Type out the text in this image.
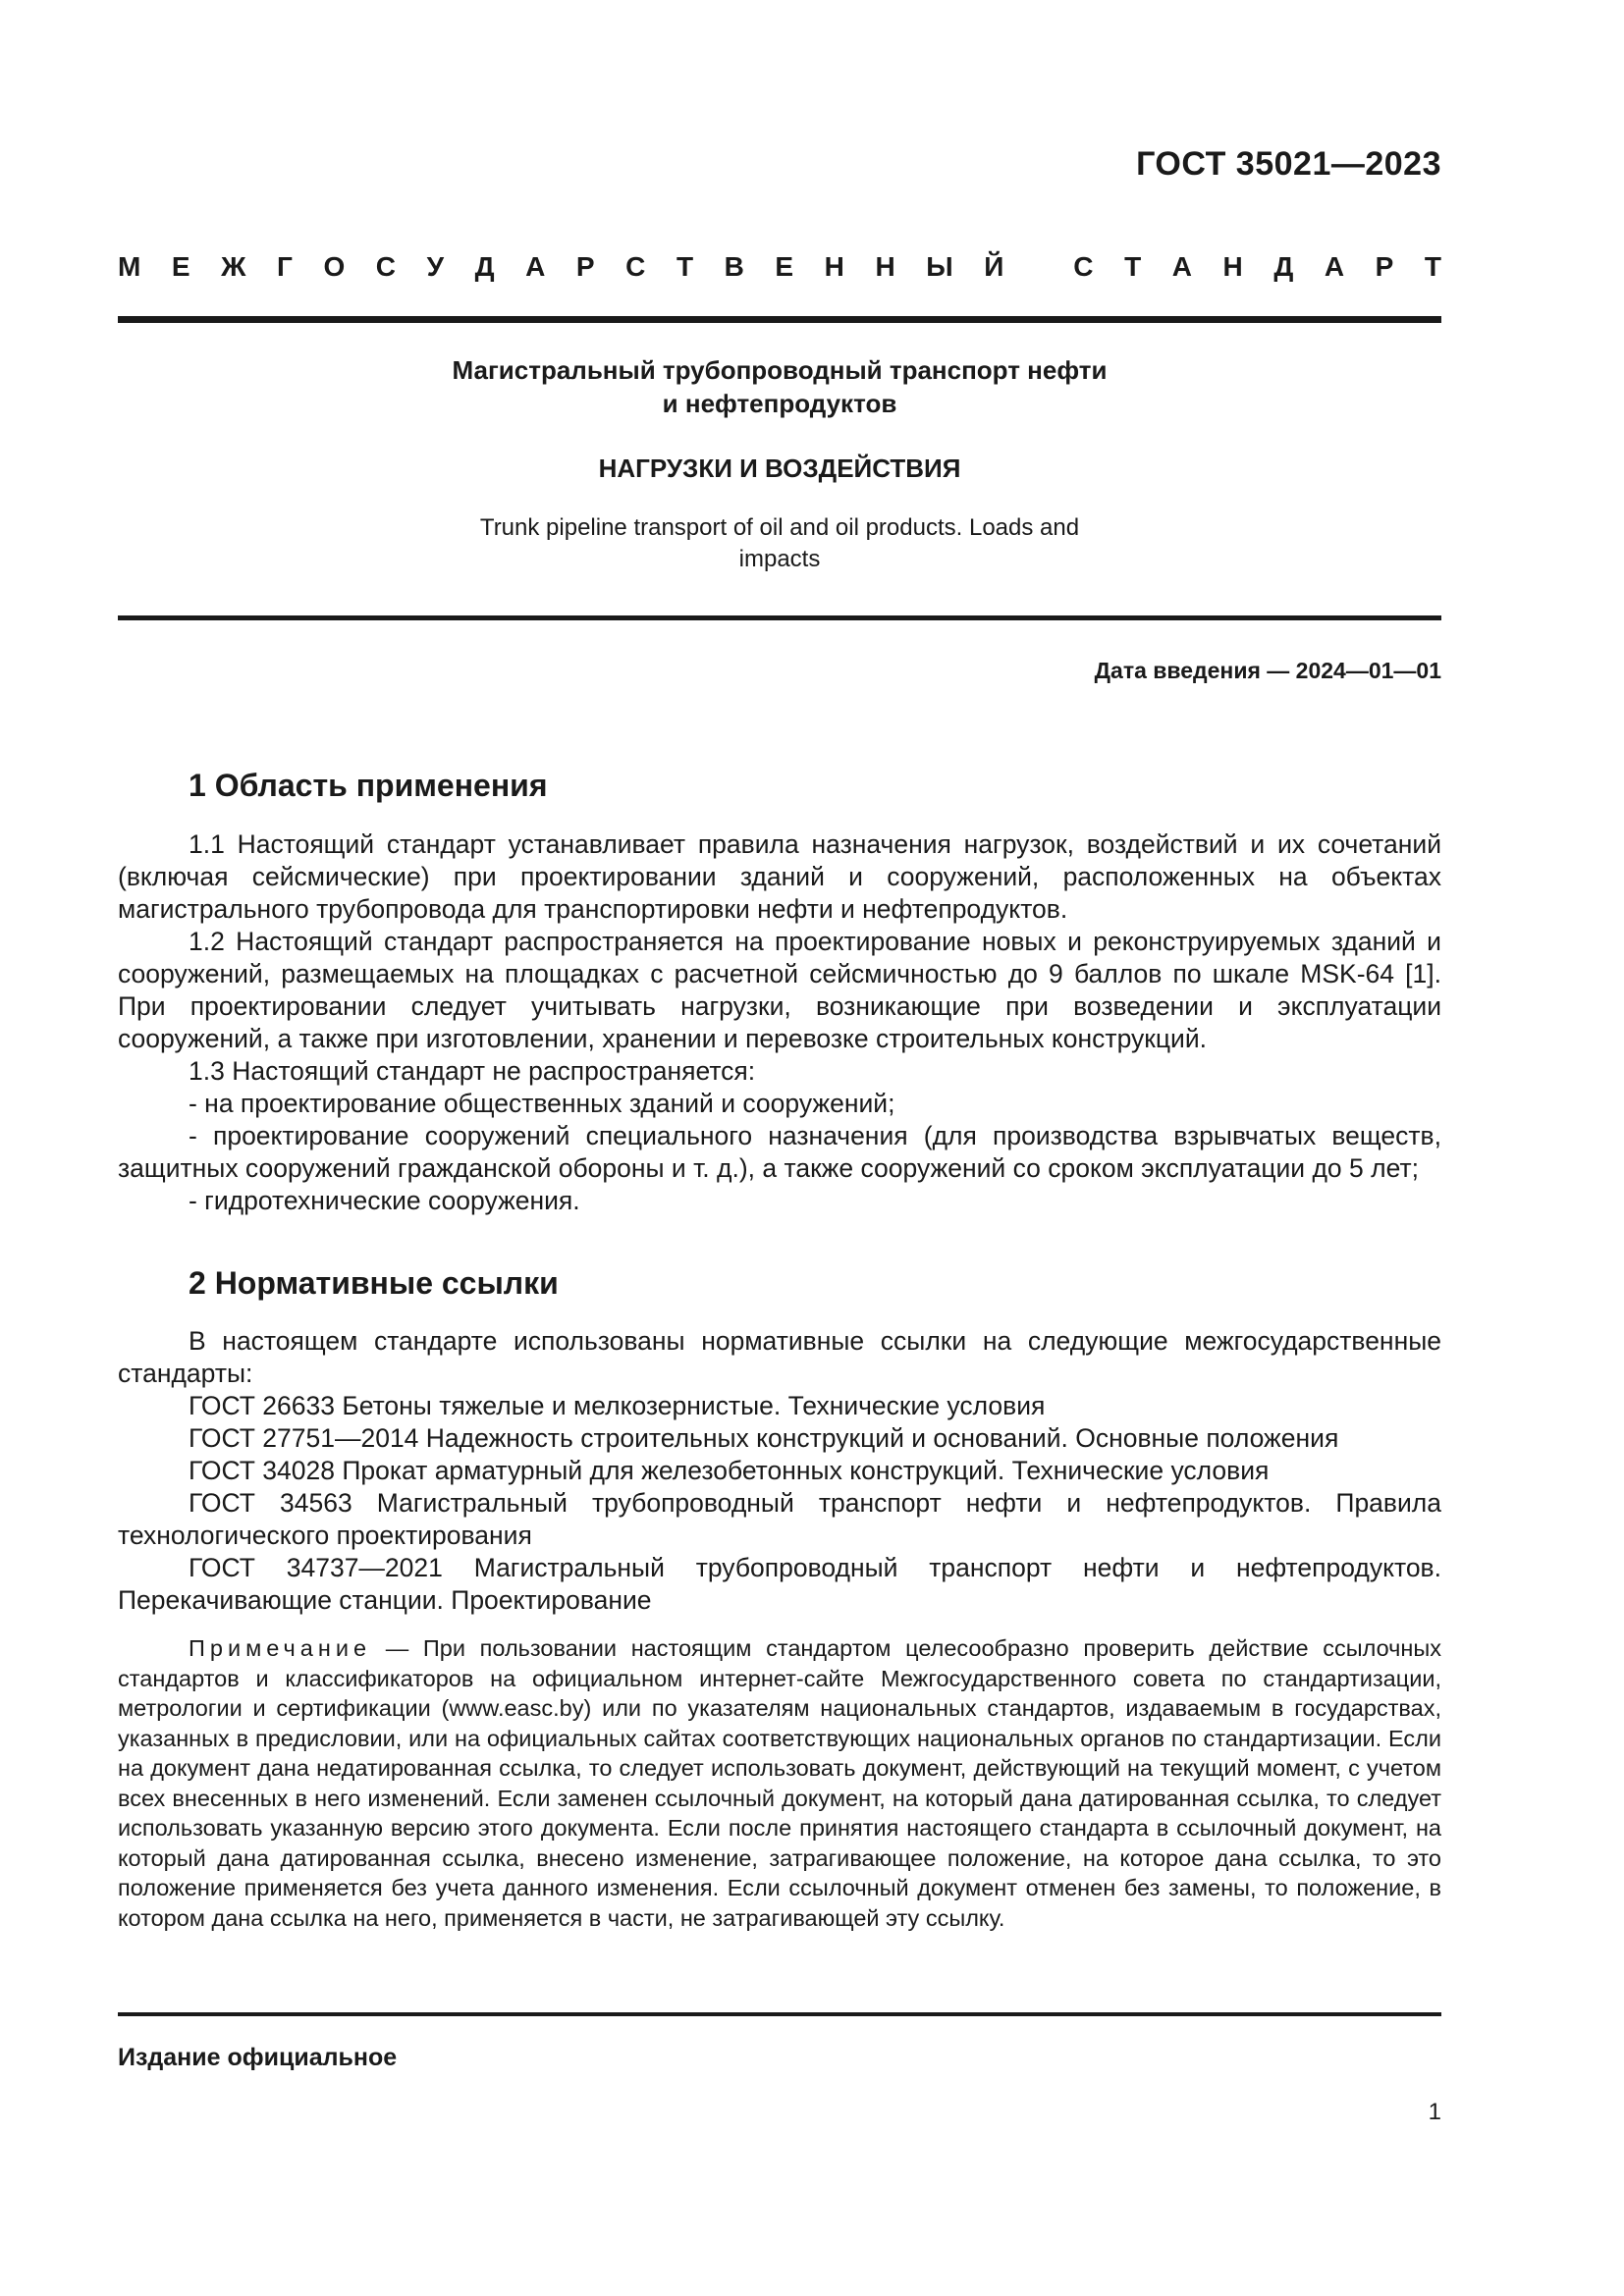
ГОСТ 35021—2023
М Е Ж Г О С У Д А Р С Т В Е Н Н Ы Й
	С Т А Н Д А Р Т
Магистральный трубопроводный транспорт нефти
и нефтепродуктов
НАГРУЗКИ И ВОЗДЕЙСТВИЯ
Trunk pipeline transport of oil and oil products. Loads and
impacts
Дата введения — 2024—01—01
1 Область применения

1.1 Настоящий стандарт устанавливает правила назначения нагрузок, воздействий и их сочетаний (включая сейсмические) при проектировании зданий и сооружений, расположенных на объектах магистрального трубопровода для транспортировки нефти и нефтепродуктов.

1.2 Настоящий стандарт распространяется на проектирование новых и реконструируемых зданий и сооружений, размещаемых на площадках с расчетной сейсмичностью до 9 баллов по шкале MSK-64 [1]. При проектировании следует учитывать нагрузки, возникающие при возведении и эксплуатации сооружений, а также при изготовлении, хранении и перевозке строительных конструкций.

1.3 Настоящий стандарт не распространяется:

- на проектирование общественных зданий и сооружений;

- проектирование сооружений специального назначения (для производства взрывчатых веществ, защитных сооружений гражданской обороны и т. д.), а также сооружений со сроком эксплуатации до 5 лет;

- гидротехнические сооружения.

2 Нормативные ссылки

В настоящем стандарте использованы нормативные ссылки на следующие межгосударственные стандарты:

ГОСТ 26633 Бетоны тяжелые и мелкозернистые. Технические условия

ГОСТ 27751—2014 Надежность строительных конструкций и оснований. Основные положения

ГОСТ 34028 Прокат арматурный для железобетонных конструкций. Технические условия

ГОСТ 34563 Магистральный трубопроводный транспорт нефти и нефтепродуктов. Правила технологического проектирования

ГОСТ 34737—2021 Магистральный трубопроводный транспорт нефти и нефтепродуктов. Перекачивающие станции. Проектирование

Примечание — При пользовании настоящим стандартом целесообразно проверить действие ссылочных стандартов и классификаторов на официальном интернет-сайте Межгосударственного совета по стандартизации, метрологии и сертификации (www.easc.by) или по указателям национальных стандартов, издаваемым в государствах, указанных в предисловии, или на официальных сайтах соответствующих национальных органов по стандартизации. Если на документ дана недатированная ссылка, то следует использовать документ, действующий на текущий момент, с учетом всех внесенных в него изменений. Если заменен ссылочный документ, на который дана датированная ссылка, то следует использовать указанную версию этого документа. Если после принятия настоящего стандарта в ссылочный документ, на который дана датированная ссылка, внесено изменение, затрагивающее положение, на которое дана ссылка, то это положение применяется без учета данного изменения. Если ссылочный документ отменен без замены, то положение, в котором дана ссылка на него, применяется в части, не затрагивающей эту ссылку.

Издание официальное
1
